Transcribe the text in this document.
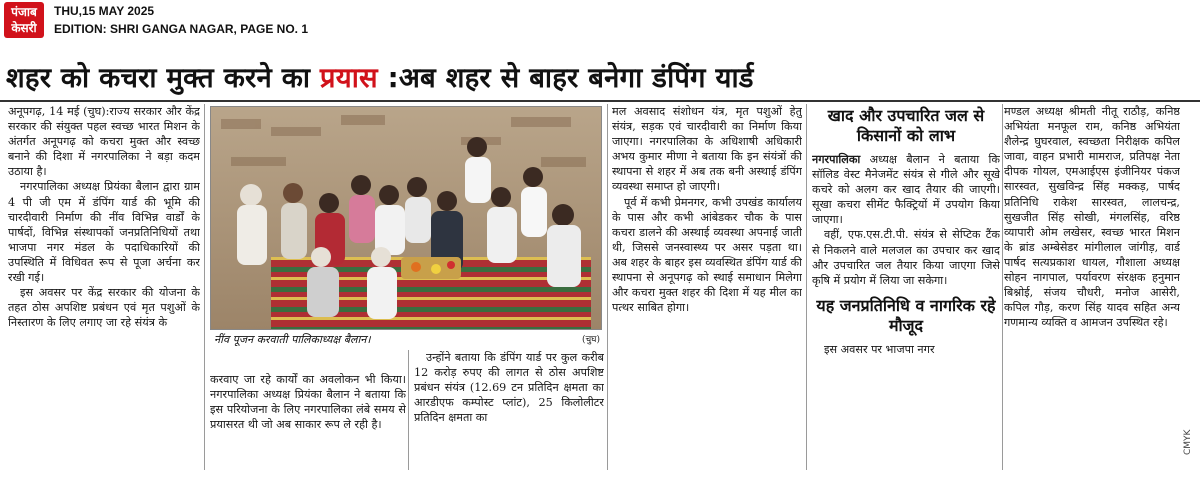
पंजाब
केसरी
THU,15 MAY 2025
EDITION: SHRI GANGA NAGAR, PAGE NO. 1
शहर को कचरा मुक्त करने का प्रयास :अब शहर से बाहर बनेगा डंपिंग यार्ड

अनूपगढ़, 14 मई (चुघ):राज्य सरकार और केंद्र सरकार की संयुक्त पहल स्वच्छ भारत मिशन के अंतर्गत अनूपगढ़ को कचरा मुक्त और स्वच्छ बनाने की दिशा में नगरपालिका ने बड़ा कदम उठाया है।

नगरपालिका अध्यक्ष प्रियंका बैलान द्वारा ग्राम 4 पी जी एम में डंपिंग यार्ड की भूमि की चारदीवारी निर्माण की नींव विभिन्न वार्डों के पार्षदों, विभिन्न संस्थापकों जनप्रतिनिधियों तथा भाजपा नगर मंडल के पदाधिकारियों की उपस्थिति में विधिवत रूप से पूजा अर्चना कर रखी गई।

इस अवसर पर केंद्र सरकार की योजना के तहत ठोस अपशिष्ट प्रबंधन एवं मृत पशुओं के निस्तारण के लिए लगाए जा रहे संयंत्र के

नींव पूजन करवाती पालिकाध्यक्ष बैलान।	(चुघ)

करवाए जा रहे कार्यों का अवलोकन भी किया। नगरपालिका अध्यक्ष प्रियंका बैलान ने बताया कि इस परियोजना के लिए नगरपालिका लंबे समय से प्रयासरत थी जो अब साकार रूप ले रही है।

उन्होंने बताया कि डंपिंग यार्ड पर कुल करीब 12 करोड़ रुपए की लागत से ठोस अपशिष्ट प्रबंधन संयंत्र (12.69 टन प्रतिदिन क्षमता का आरडीएफ कम्पोस्ट प्लांट), 25 किलोलीटर प्रतिदिन क्षमता का

मल अवसाद संशोधन यंत्र, मृत पशुओं हेतु संयंत्र, सड़क एवं चारदीवारी का निर्माण किया जाएगा। नगरपालिका के अधिशाषी अधिकारी अभय कुमार मीणा ने बताया कि इन संयंत्रों की स्थापना से शहर में अब तक बनी अस्थाई डंपिंग व्यवस्था समाप्त हो जाएगी।

पूर्व में कभी प्रेमनगर, कभी उपखंड कार्यालय के पास और कभी आंबेडकर चौक के पास कचरा डालने की अस्थाई व्यवस्था अपनाई जाती थी, जिससे जनस्वास्थ्य पर असर पड़ता था। अब शहर के बाहर इस व्यवस्थित डंपिंग यार्ड की स्थापना से अनूपगढ़ को स्थाई समाधान मिलेगा और कचरा मुक्त शहर की दिशा में यह मील का पत्थर साबित होगा।

खाद और उपचारित जल से किसानों को लाभ

नगरपालिका अध्यक्ष बैलान ने बताया कि सॉलिड वेस्ट मैनेजमेंट संयंत्र से गीले और सूखे कचरे को अलग कर खाद तैयार की जाएगी। सूखा कचरा सीमेंट फैक्ट्रियों में उपयोग किया जाएगा।

वहीं, एफ.एस.टी.पी. संयंत्र से सेप्टिक टैंक से निकलने वाले मलजल का उपचार कर खाद और उपचारित जल तैयार किया जाएगा जिसे कृषि में प्रयोग में लिया जा सकेगा।

यह जनप्रतिनिधि व नागरिक रहे मौजूद

इस अवसर पर भाजपा नगर

मण्डल अध्यक्ष श्रीमती नीतू राठौड़, कनिष्ठ अभियंता मनफूल राम, कनिष्ठ अभियंता शैलेन्द्र घुघरवाल, स्वच्छता निरीक्षक कपिल जावा, वाहन प्रभारी मामराज, प्रतिपक्ष नेता दीपक गोयल, एमआईएस इंजीनियर पंकज सारस्वत, सुखविन्द्र सिंह मक्कड़, पार्षद प्रतिनिधि राकेश सारस्वत, लालचन्द्र, सुखजीत सिंह सोखी, मंगलसिंह, वरिष्ठ व्यापारी ओम लखेसर, स्वच्छ भारत मिशन के ब्रांड अम्बेसेडर मांगीलाल जांगीड़, वार्ड पार्षद सत्यप्रकाश धायल, गौशाला अध्यक्ष सोहन नागपाल, पर्यावरण संरक्षक हनुमान बिश्नोई, संजय चौधरी, मनोज आसेरी, कपिल गौड़, करण सिंह यादव सहित अन्य गणमान्य व्यक्ति व आमजन उपस्थित रहे।

CMYK
